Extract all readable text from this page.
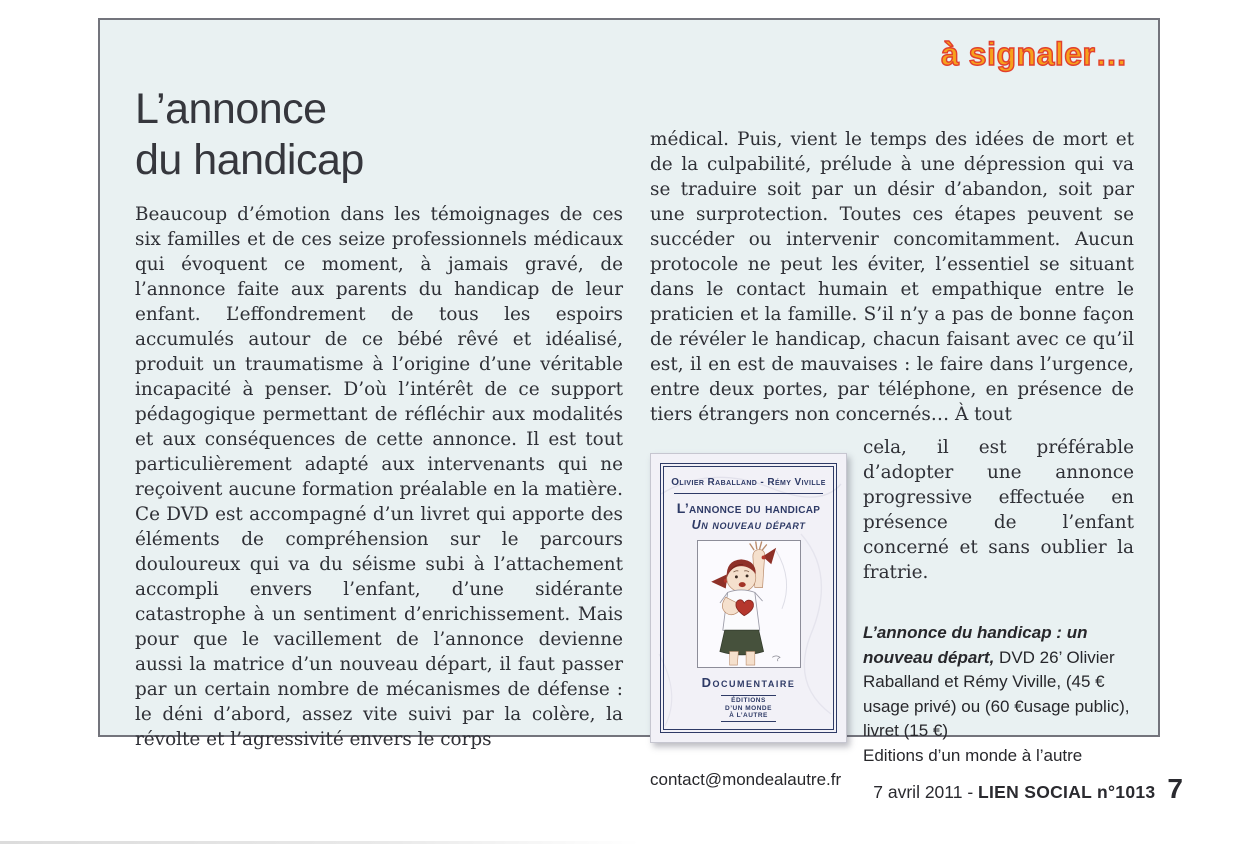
à signaler…
L’annonce
du handicap

Beaucoup d’émotion dans les témoignages de ces six familles et de ces seize professionnels médicaux qui évoquent ce moment, à jamais gravé, de l’annonce faite aux parents du handicap de leur enfant. L’effondrement de tous les espoirs accumulés autour de ce bébé rêvé et idéalisé, produit un traumatisme à l’origine d’une véritable incapacité à penser. D’où l’intérêt de ce support pédagogique permettant de réfléchir aux modalités et aux conséquences de cette annonce. Il est tout particulièrement adapté aux intervenants qui ne reçoivent aucune formation préalable en la matière. Ce DVD est accompagné d’un livret qui apporte des éléments de compréhension sur le parcours douloureux qui va du séisme subi à l’attachement accompli envers l’enfant, d’une sidérante catastrophe à un sentiment d’enrichissement. Mais pour que le vacillement de l’annonce devienne aussi la matrice d’un nouveau départ, il faut passer par un certain nombre de mécanismes de défense : le déni d’abord, assez vite suivi par la colère, la révolte et l’agressivité envers le corps

médical. Puis, vient le temps des idées de mort et de la culpabilité, prélude à une dépression qui va se traduire soit par un désir d’abandon, soit par une surprotection. Toutes ces étapes peuvent se succéder ou intervenir concomitamment. Aucun protocole ne peut les éviter, l’essentiel se situant dans le contact humain et empathique entre le praticien et la famille. S’il n’y a pas de bonne façon de révéler le handicap, chacun faisant avec ce qu’il est, il en est de mauvaises : le faire dans l’urgence, entre deux portes, par téléphone, en présence de tiers étrangers non concernés… À tout

Olivier Raballand - Rémy Viville
L’annonce du handicap
Un nouveau départ
Documentaire
ÉDITIONS
D’UN MONDE
À L’AUTRE

cela, il est préférable d’adopter une annonce progressive effectuée en présence de l’enfant concerné et sans oublier la fratrie.

L’annonce du handicap : un nouveau départ, DVD 26’ Olivier Raballand et Rémy Viville, (45 € usage privé) ou (60 €usage public), livret (15 €)
Editions d’un monde à l’autre
contact@mondealautre.fr
7 avril 2011 - LIEN SOCIAL n°1013 7
